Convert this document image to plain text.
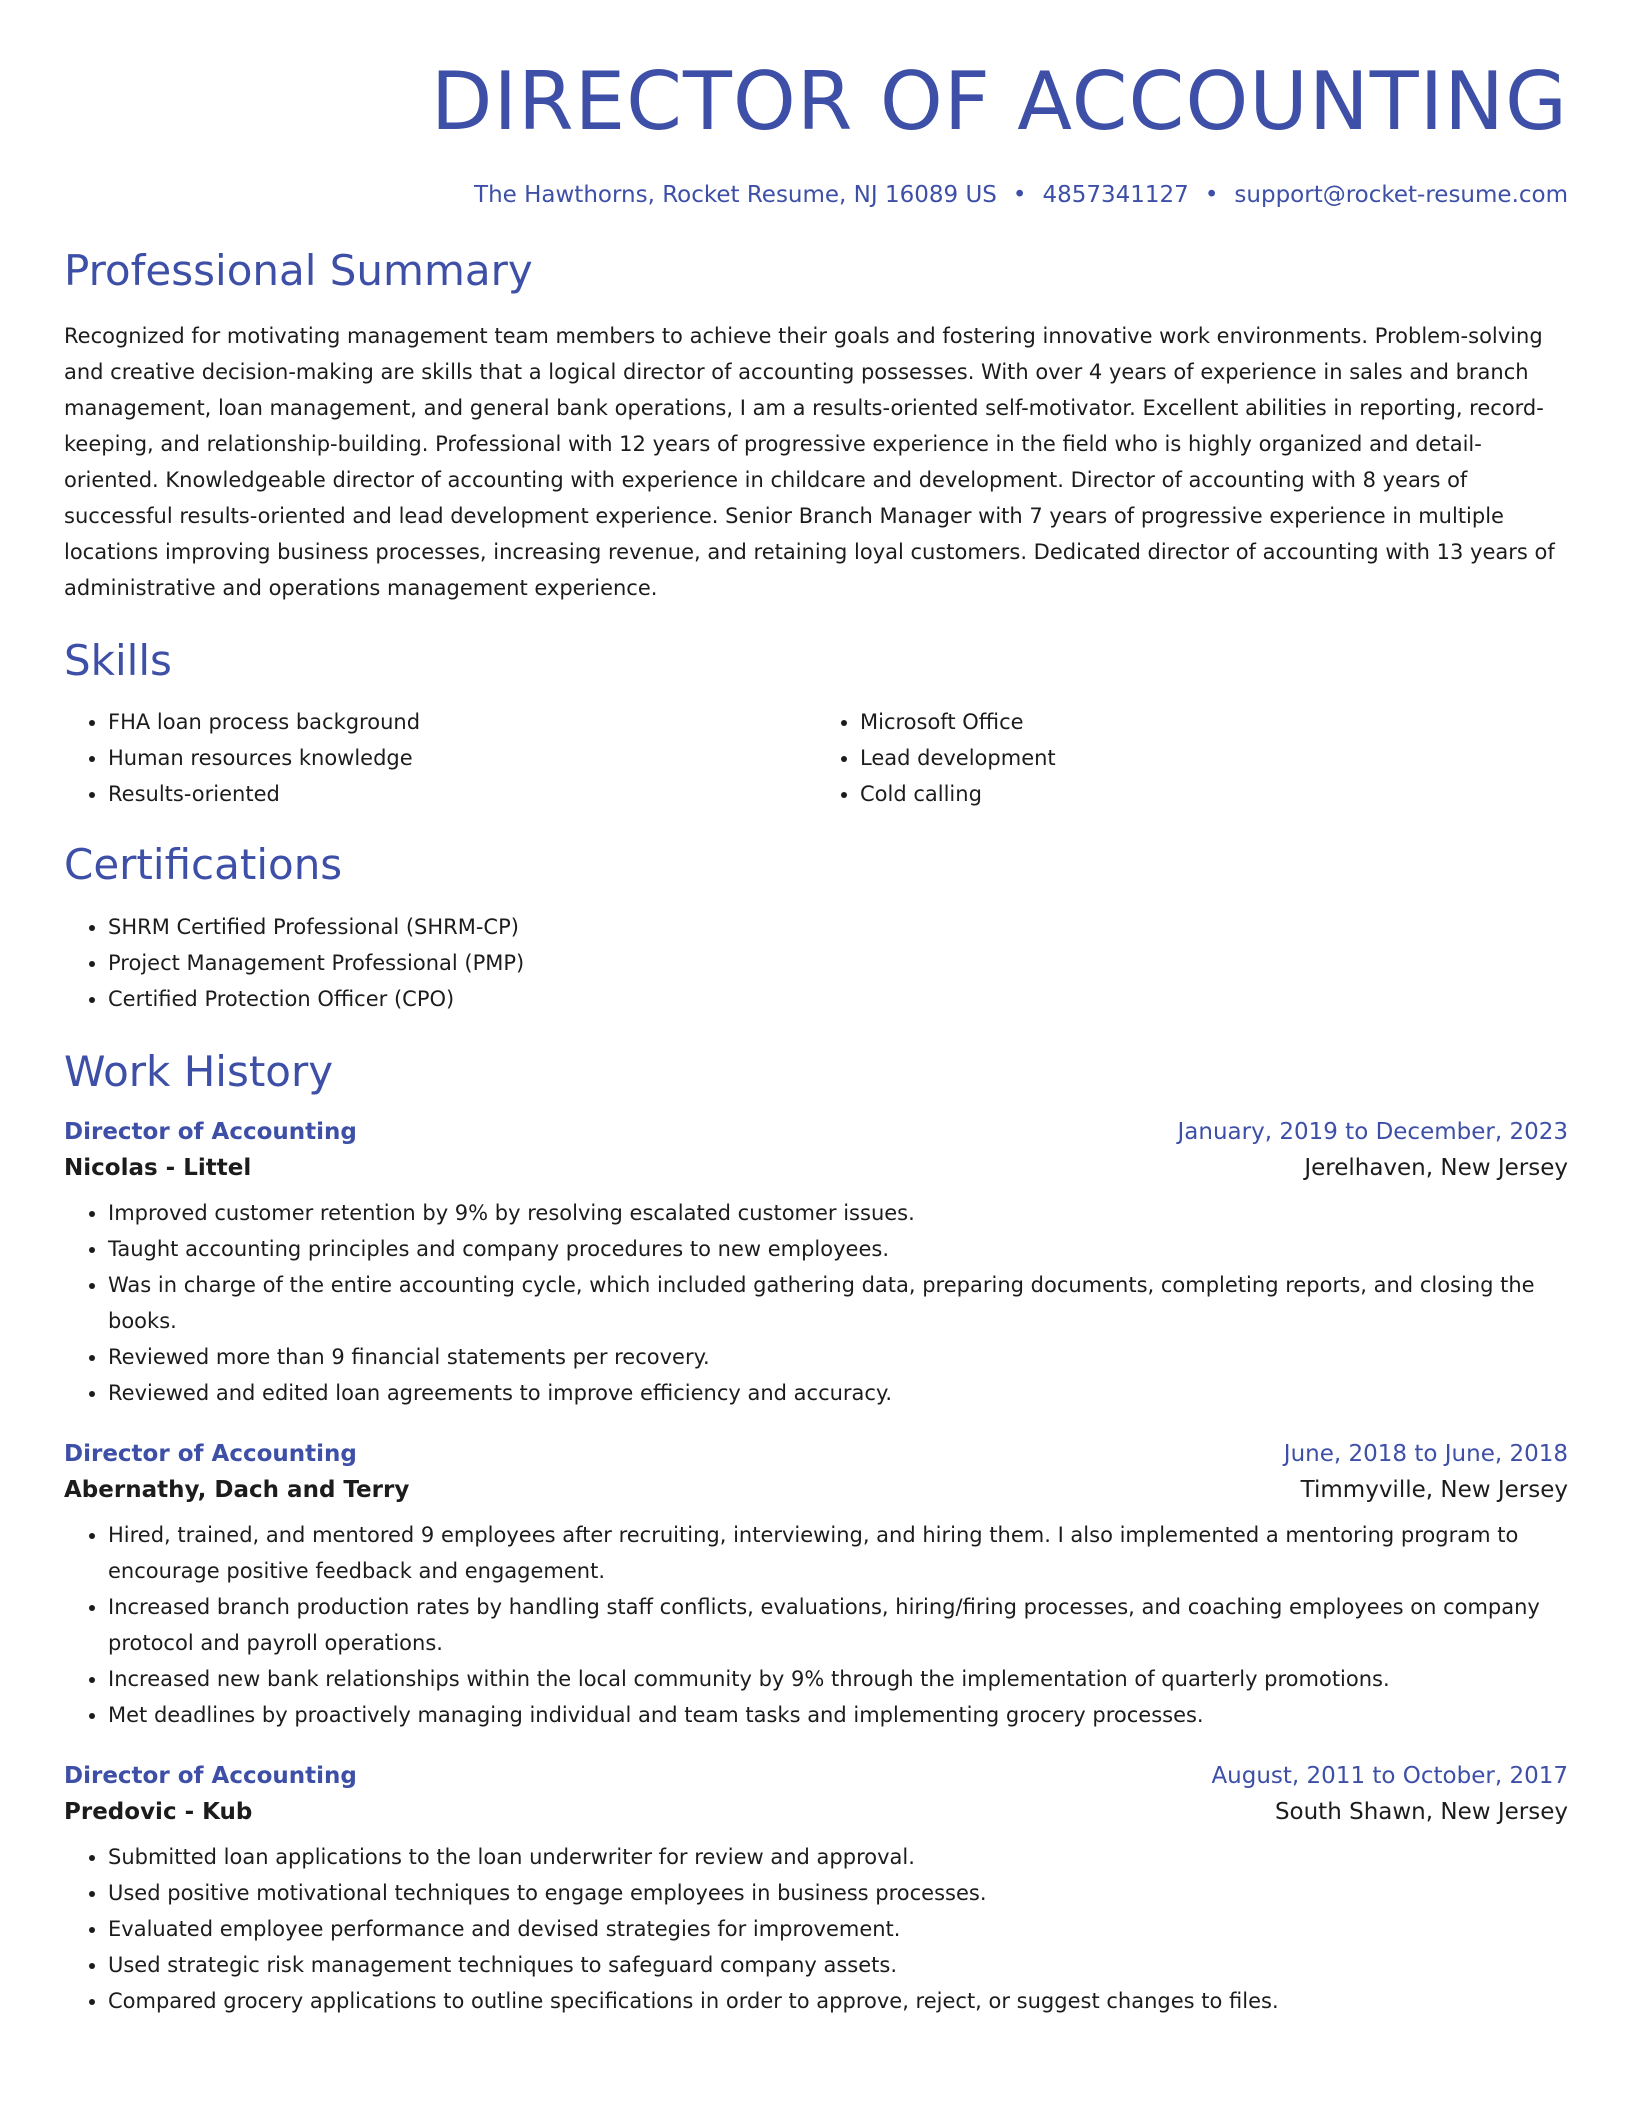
DIRECTOR OF ACCOUNTING
The Hawthorns, Rocket Resume, NJ 16089 US • 4857341127 • support@rocket-resume.com
Professional Summary

Recognized for motivating management team members to achieve their goals and fostering innovative work environments. Problem-solving and creative decision-making are skills that a logical director of accounting possesses. With over 4 years of experience in sales and branch management, loan management, and general bank operations, I am a results-oriented self-motivator. Excellent abilities in reporting, record-keeping, and relationship-building. Professional with 12 years of progressive experience in the field who is highly organized and detail-oriented. Knowledgeable director of accounting with experience in childcare and development. Director of accounting with 8 years of successful results-oriented and lead development experience. Senior Branch Manager with 7 years of progressive experience in multiple locations improving business processes, increasing revenue, and retaining loyal customers. Dedicated director of accounting with 13 years of administrative and operations management experience.

Skills
• FHA loan process background
• Human resources knowledge
• Results-oriented
• Microsoft Office
• Lead development
• Cold calling
Certifications
• SHRM Certified Professional (SHRM-CP)
• Project Management Professional (PMP)
• Certified Protection Officer (CPO)
Work History
Director of Accounting	January, 2019 to December, 2023
Nicolas - Littel	Jerelhaven, New Jersey
• Improved customer retention by 9% by resolving escalated customer issues.
• Taught accounting principles and company procedures to new employees.
• Was in charge of the entire accounting cycle, which included gathering data, preparing documents, completing reports, and closing the books.
• Reviewed more than 9 financial statements per recovery.
• Reviewed and edited loan agreements to improve efficiency and accuracy.
Director of Accounting	June, 2018 to June, 2018
Abernathy, Dach and Terry	Timmyville, New Jersey
• Hired, trained, and mentored 9 employees after recruiting, interviewing, and hiring them. I also implemented a mentoring program to encourage positive feedback and engagement.
• Increased branch production rates by handling staff conflicts, evaluations, hiring/firing processes, and coaching employees on company protocol and payroll operations.
• Increased new bank relationships within the local community by 9% through the implementation of quarterly promotions.
• Met deadlines by proactively managing individual and team tasks and implementing grocery processes.
Director of Accounting	August, 2011 to October, 2017
Predovic - Kub	South Shawn, New Jersey
• Submitted loan applications to the loan underwriter for review and approval.
• Used positive motivational techniques to engage employees in business processes.
• Evaluated employee performance and devised strategies for improvement.
• Used strategic risk management techniques to safeguard company assets.
• Compared grocery applications to outline specifications in order to approve, reject, or suggest changes to files.
